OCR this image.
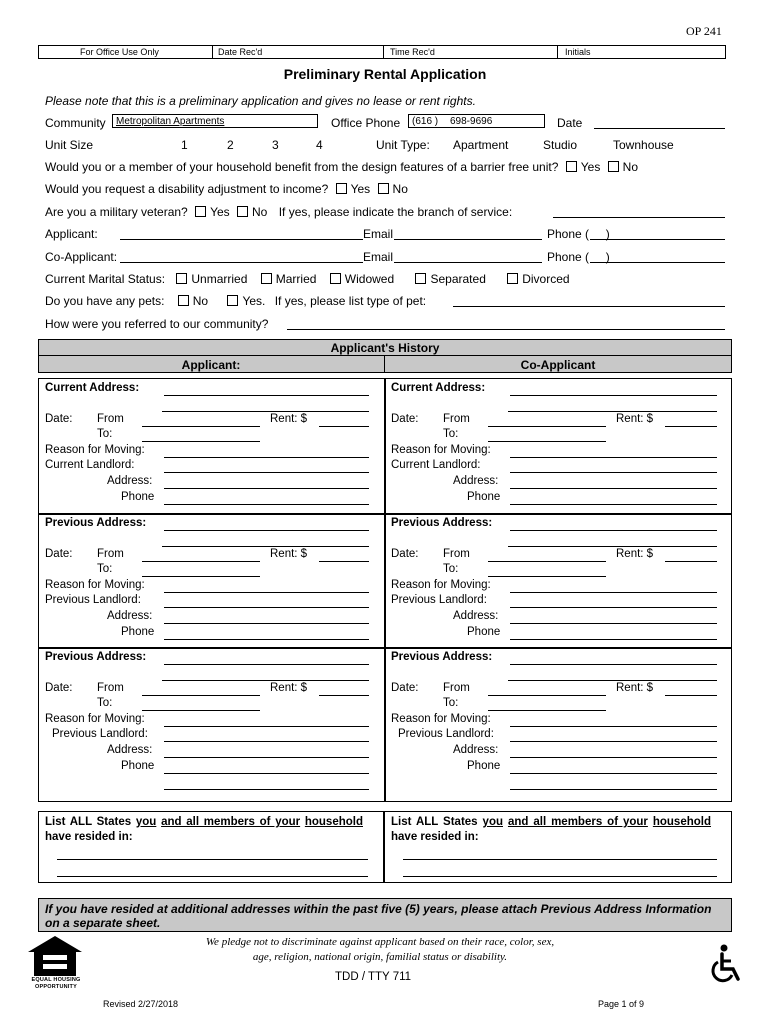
OP 241
For Office Use Only	Date Rec'd	Time Rec'd	Initials
Preliminary Rental Application
Please note that this is a preliminary application and gives no lease or rent rights.
Community Metropolitan Apartments	Office Phone (616 ) 698-9696	Date
Unit Size	1	2	3	4	Unit Type: Apartment	Studio	Townhouse
Would you or a member of your household benefit from the design features of a barrier free unit? Yes No
Would you request a disability adjustment to income? Yes No
Are you a military veteran? Yes No If yes, please indicate the branch of service:
Applicant:	Email	Phone (     )
Co-Applicant:	Email	Phone (     )
Current Marital Status: Unmarried Married Widowed	Separated	Divorced
Do you have any pets: No	Yes. If yes, please list type of pet:
How were you referred to our community?
Applicant's History
Applicant:	Co-Applicant
Current Address:
Date: From	Rent: $
To:
Reason for Moving:
Current Landlord:
Address:
Phone
Current Address:
Date: From	Rent: $
To:
Reason for Moving:
Current Landlord:
Address:
Phone
Previous Address:
Date: From	Rent: $
To:
Reason for Moving:
Previous Landlord:
Address:
Phone
Previous Address:
Date: From	Rent: $
To:
Reason for Moving:
Previous Landlord:
Address:
Phone
Previous Address:
Date: From	Rent: $
To:
Reason for Moving:
Previous Landlord:
Address:
Phone
Previous Address:
Date: From	Rent: $
To:
Reason for Moving:
Previous Landlord:
Address:
Phone
List ALL States you and all members of your household have resided in:
List ALL States you and all members of your household have resided in:
If you have resided at additional addresses within the past five (5) years, please attach Previous Address Information on a separate sheet.
EQUAL HOUSING OPPORTUNITY
We pledge not to discriminate against applicant based on their race, color, sex, age, religion, national origin, familial status or disability.
TDD / TTY 711
Revised 2/27/2018	Page 1 of 9
